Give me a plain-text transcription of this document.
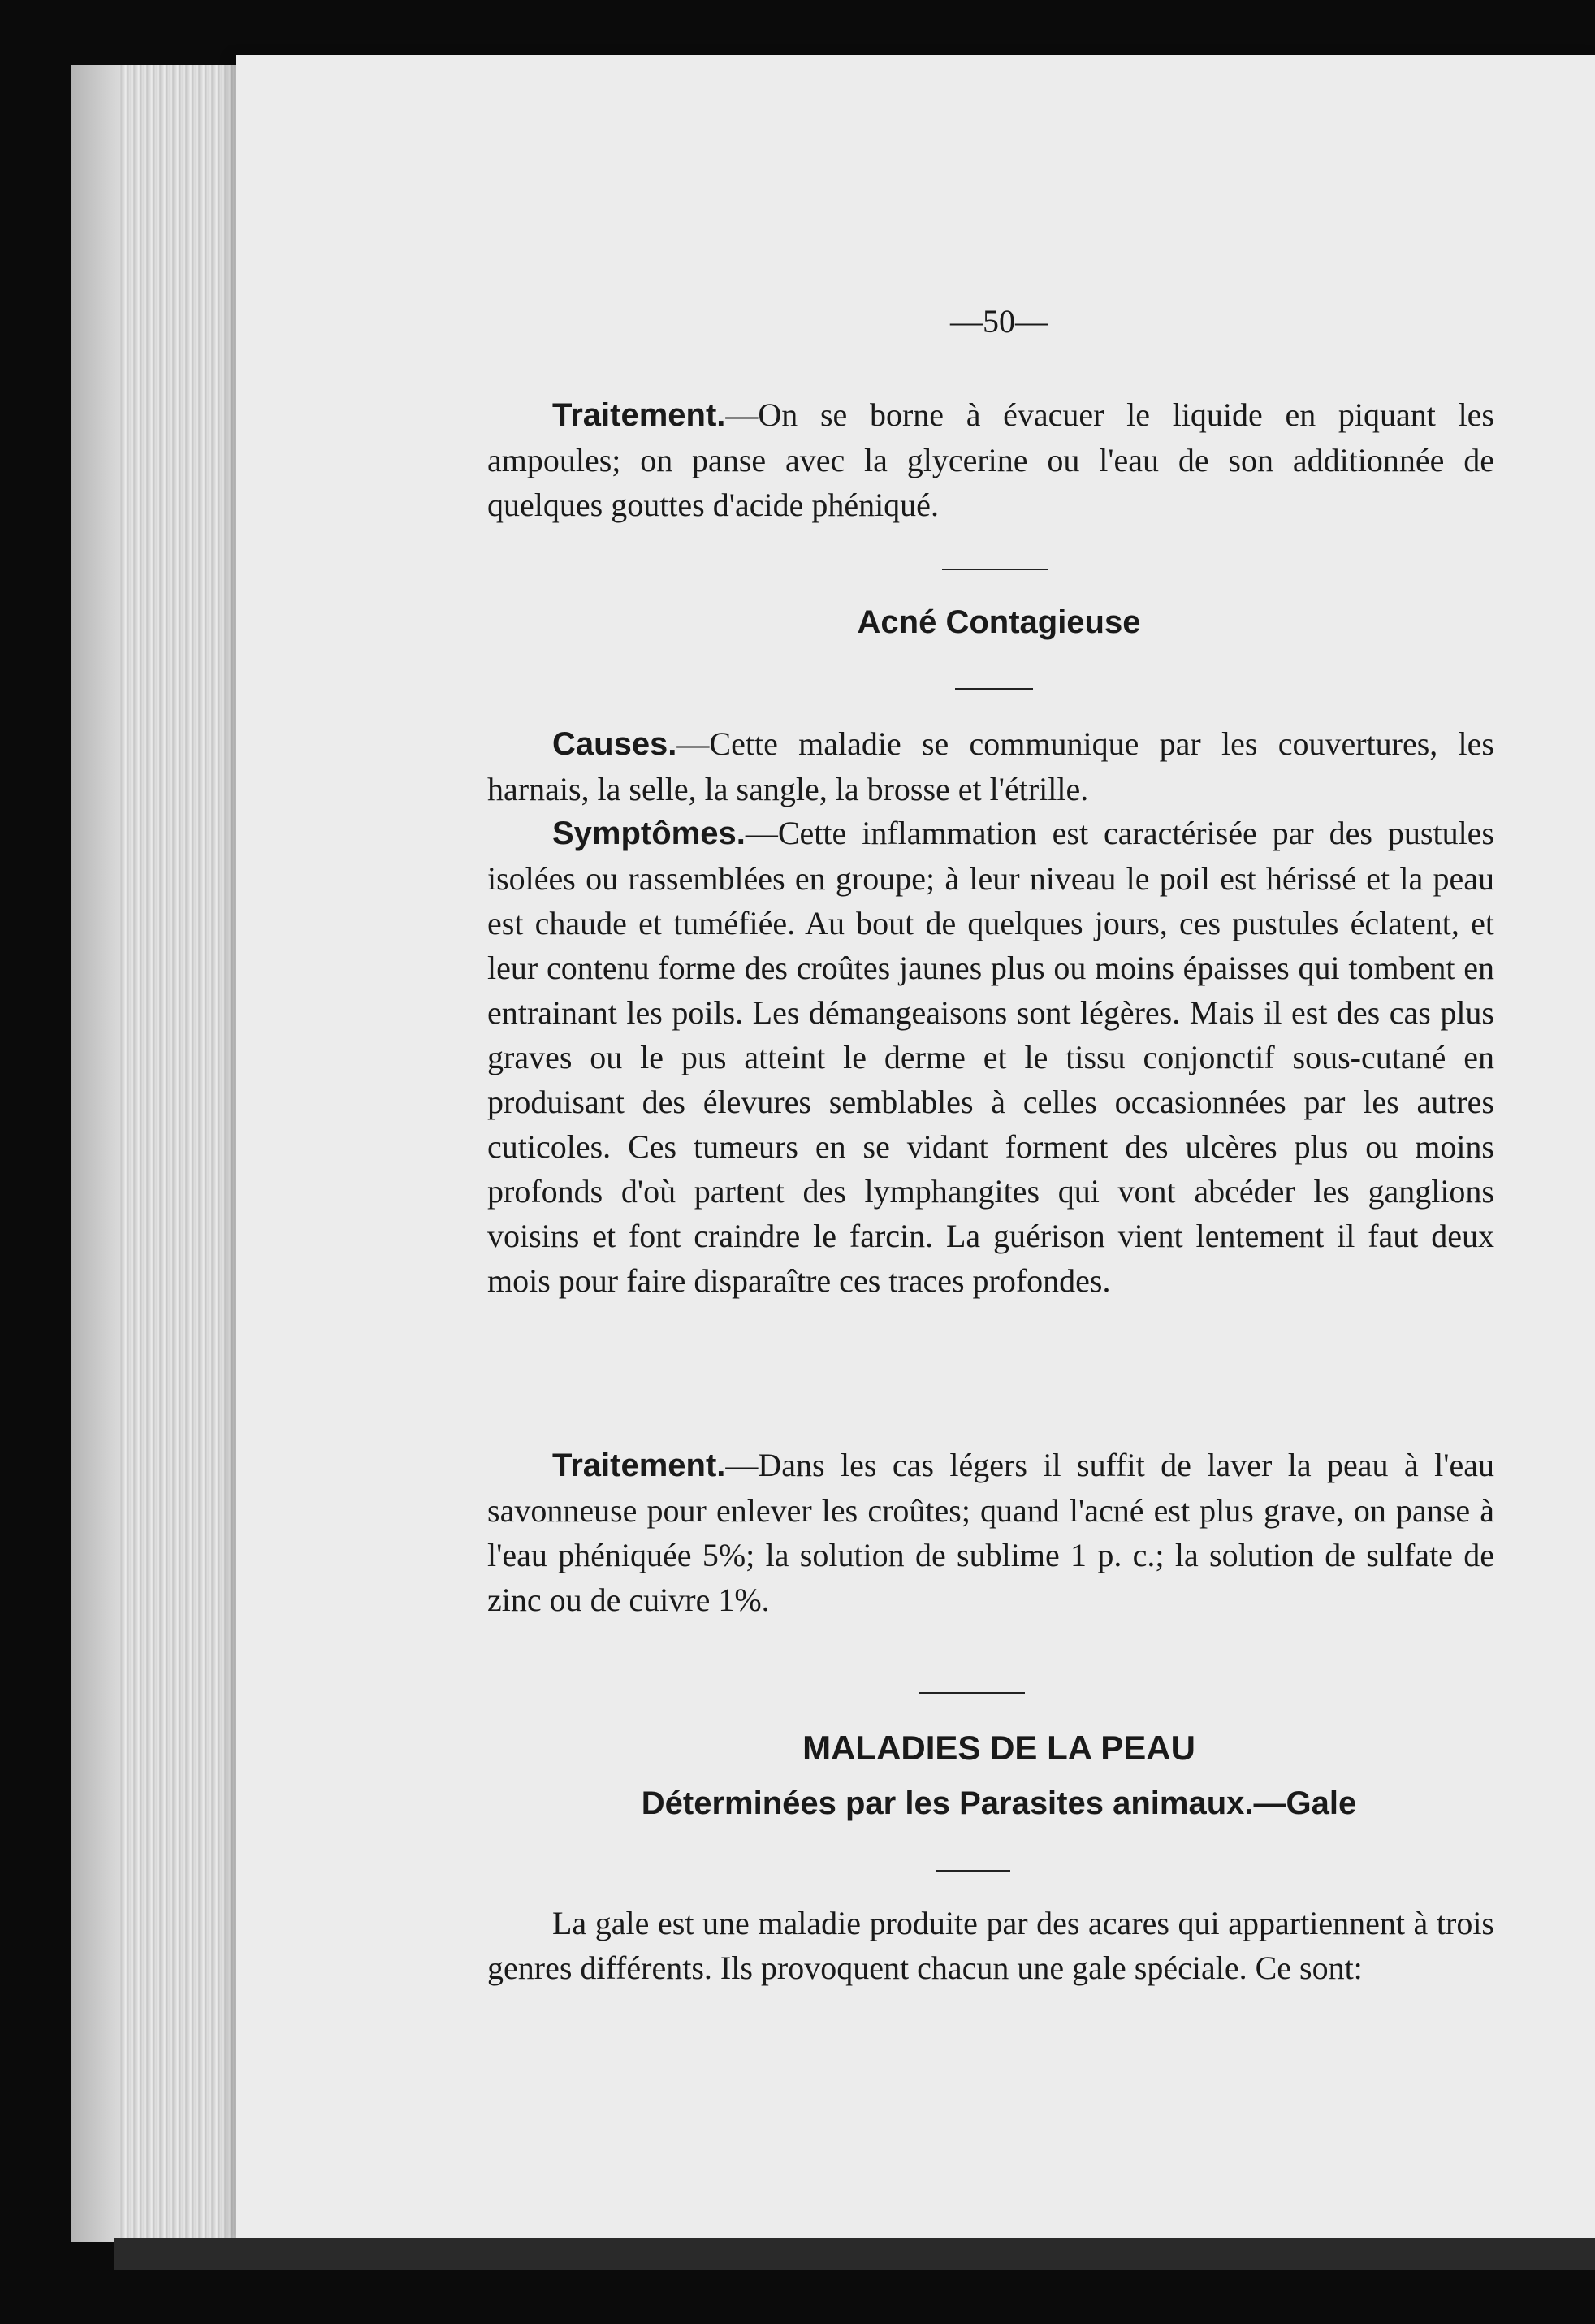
—50—

Traitement.—On se borne à évacuer le liquide en piquant les ampoules; on panse avec la glycerine ou l'eau de son additionnée de quelques gouttes d'acide phéniqué.

Acné Contagieuse

Causes.—Cette maladie se communique par les couvertures, les harnais, la selle, la sangle, la brosse et l'étrille.

Symptômes.—Cette inflammation est caractérisée par des pustules isolées ou rassemblées en groupe; à leur niveau le poil est hérissé et la peau est chaude et tuméfiée. Au bout de quelques jours, ces pustules éclatent, et leur contenu forme des croûtes jaunes plus ou moins épaisses qui tombent en entrainant les poils. Les démangeaisons sont légères. Mais il est des cas plus graves ou le pus atteint le derme et le tissu conjonctif sous-cutané en produisant des élevures semblables à celles occasionnées par les autres cuticoles. Ces tumeurs en se vidant forment des ulcères plus ou moins profonds d'où partent des lymphangites qui vont abcéder les ganglions voisins et font craindre le farcin. La guérison vient lentement il faut deux mois pour faire disparaître ces traces profondes.

Traitement.—Dans les cas légers il suffit de laver la peau à l'eau savonneuse pour enlever les croûtes; quand l'acné est plus grave, on panse à l'eau phéniquée 5%; la solution de sublime 1 p. c.; la solution de sulfate de zinc ou de cuivre 1%.

MALADIES DE LA PEAU
Déterminées par les Parasites animaux.—Gale

La gale est une maladie produite par des acares qui appartiennent à trois genres différents. Ils provoquent chacun une gale spéciale. Ce sont:
